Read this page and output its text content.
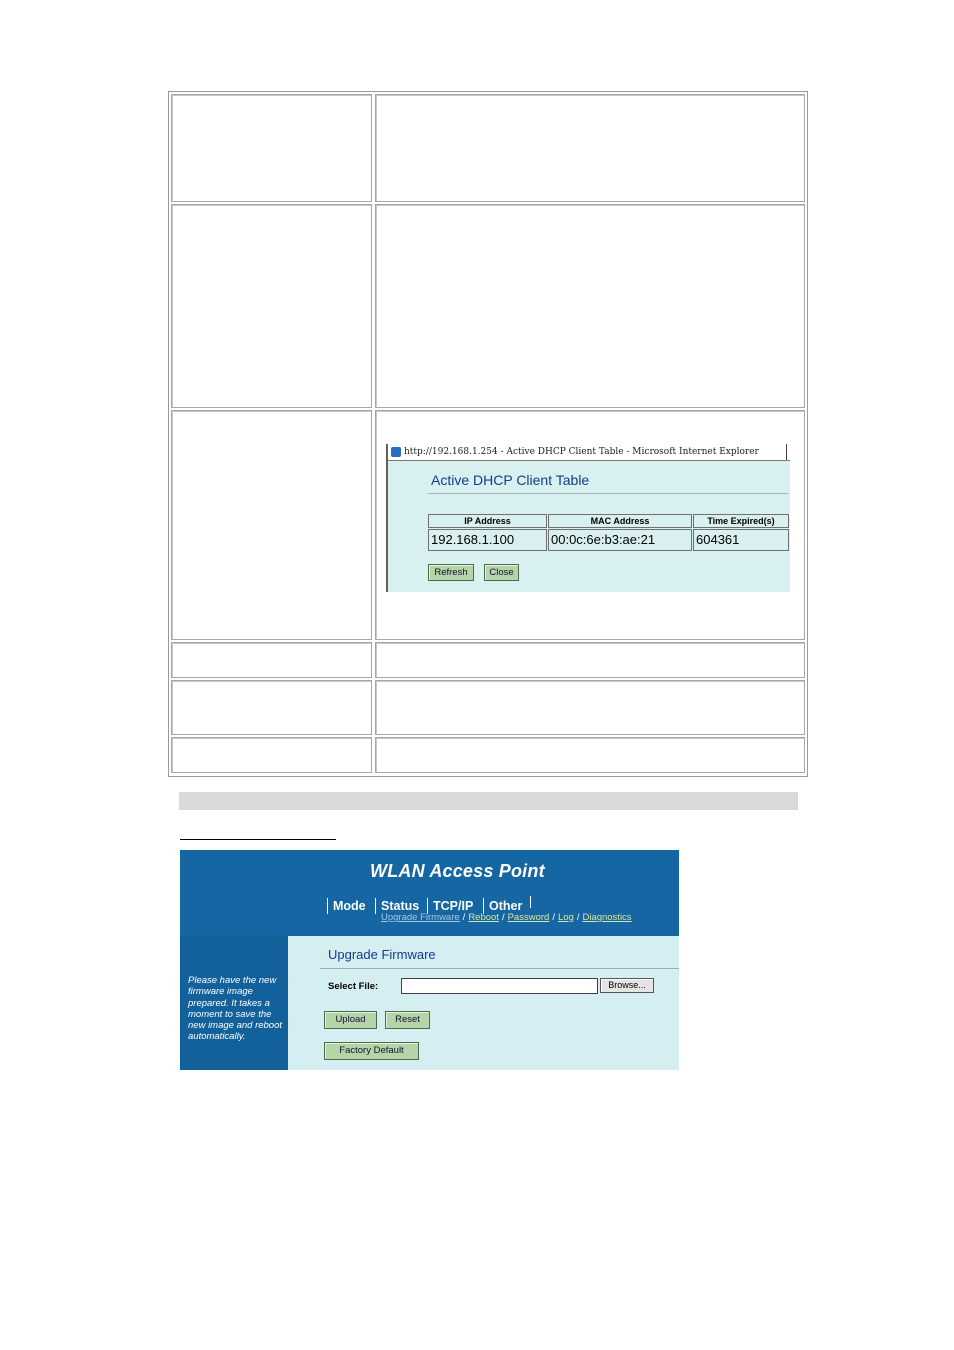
http://192.168.1.254 - Active DHCP Client Table - Microsoft Internet Explorer
Active DHCP Client Table
IP Address	MAC Address	Time Expired(s)
192.168.1.100	00:0c:6e:b3:ae:21	604361
Refresh	Close
WLAN Access Point
Mode	Status	TCP/IP	Other
Upgrade Firmware / Reboot / Password / Log / Diagnostics
Please have the new firmware image prepared. It takes a moment to save the new image and reboot automatically.
Upgrade Firmware
Select File:	Browse...
Upload	Reset
Factory Default
